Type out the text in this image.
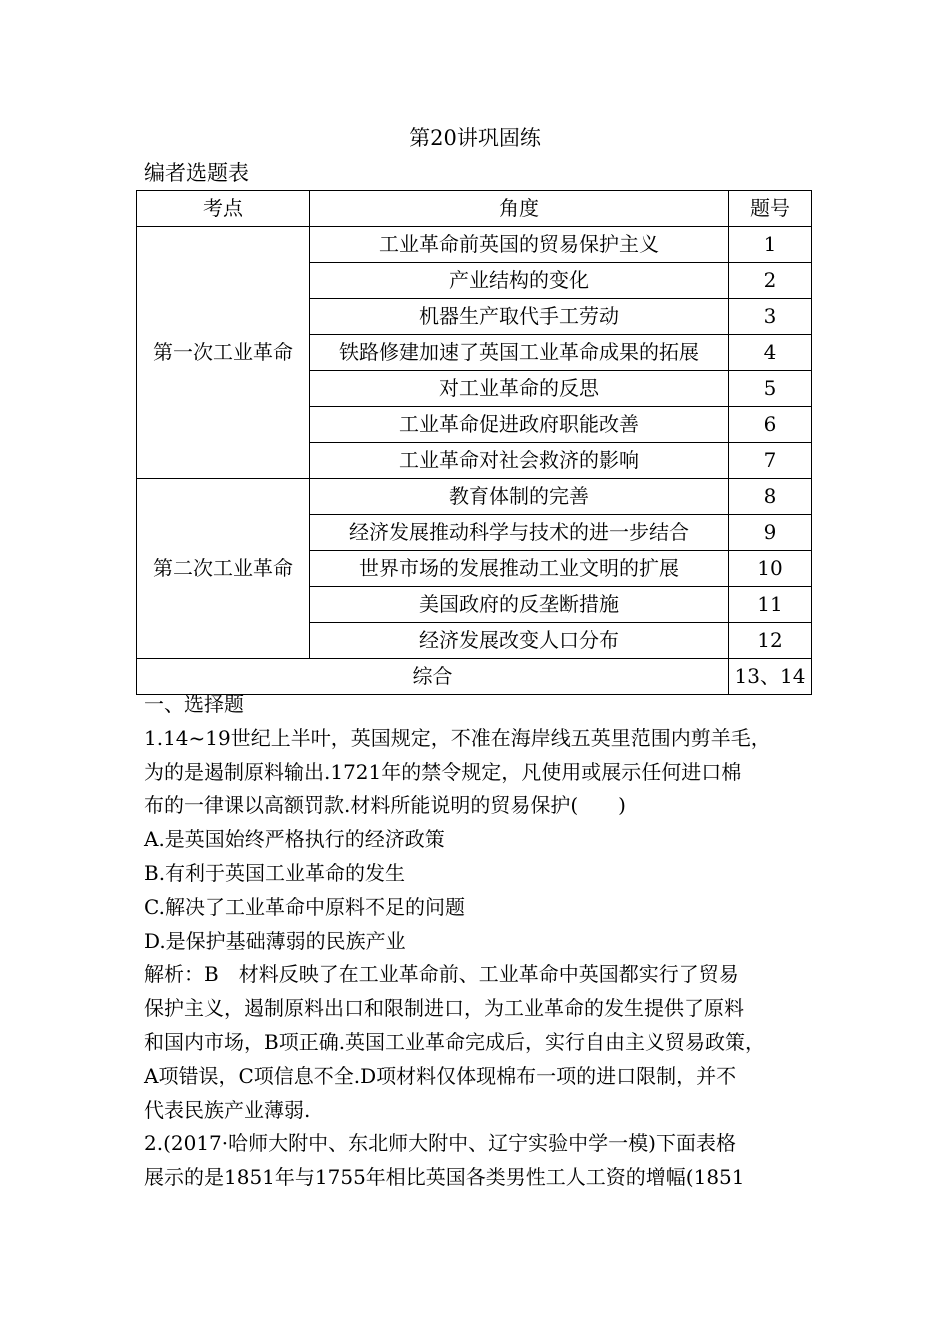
第20讲巩固练
编者选题表
考点	角度	题号
第一次工业革命	工业革命前英国的贸易保护主义	1
	产业结构的变化	2
	机器生产取代手工劳动	3
	铁路修建加速了英国工业革命成果的拓展	4
	对工业革命的反思	5
	工业革命促进政府职能改善	6
	工业革命对社会救济的影响	7
第二次工业革命	教育体制的完善	8
	经济发展推动科学与技术的进一步结合	9
	世界市场的发展推动工业文明的扩展	10
	美国政府的反垄断措施	11
	经济发展改变人口分布	12
综合		13、14

一、选择题

1.14~19世纪上半叶，英国规定，不准在海岸线五英里范围内剪羊毛，

为的是遏制原料输出.1721年的禁令规定，凡使用或展示任何进口棉

布的一律课以高额罚款.材料所能说明的贸易保护(　　)

A.是英国始终严格执行的经济政策

B.有利于英国工业革命的发生

C.解决了工业革命中原料不足的问题

D.是保护基础薄弱的民族产业

解析：B　材料反映了在工业革命前、工业革命中英国都实行了贸易

保护主义，遏制原料出口和限制进口，为工业革命的发生提供了原料

和国内市场，B项正确.英国工业革命完成后，实行自由主义贸易政策，

A项错误，C项信息不全.D项材料仅体现棉布一项的进口限制，并不

代表民族产业薄弱.

2.(2017·哈师大附中、东北师大附中、辽宁实验中学一模)下面表格

展示的是1851年与1755年相比英国各类男性工人工资的增幅(1851
